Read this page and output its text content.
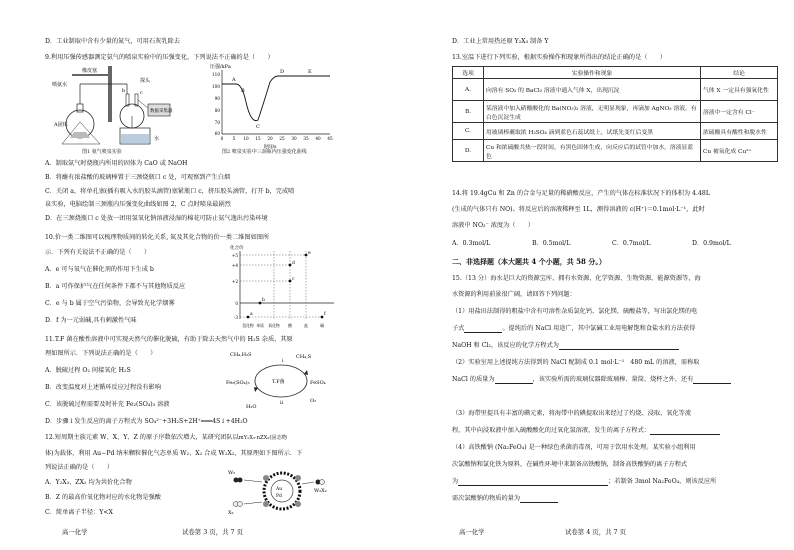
D．工业制取中含有少量的氮气，可用石灰乳除去
9.利用压强传感器测定氨气的喷泉实验中的压强变化，下列说法不正确的是（　　）
橡皮塞
探头
b	c
数据采集器
A固体
水
喷氨水
图1 氨气喷泉实验
压强/kPa
110
100
90
80
70
60
0 5 10 15 20 25 30 35 40 45
时间/s
A
B
C
D	E
图2 喷泉实验中三颈瓶内压强变化曲线
A．制取氨气时烧瓶内所用的固体为 CaO 或 NaOH
B．将蘸有浓盐酸的玻璃棒置于三颈烧瓶口 c 处，可观察到产生白烟
C．关闭 a，将单孔塞(插有吸入水的胶头滴管)塞紧瓶口 c，挤压胶头滴管，打开 b，完成喷
泉实验，电脑绘制三颈瓶内压强变化曲线如图 2，C 点时喷泉最剧烈
D．在三颈烧瓶口 c 处放一团用氢氧化钠溶液浸湿的棉花可防止氨气逸出污染环境
10.价一类二维图可以梳理物质间的转化关系, 氮及其化合物的价一类二维图如图所
示．下列有关说法不正确的是（　　）
A．e 可与氧气在催化剂的作用下生成 b
B．a 可作保护气在任何条件下都不与其他物质反应
C．e 与 b 属于空气污染物，会导致光化学烟雾
D．f 为一元弱碱,具有刺激性气味
化合价
+5
+4
+2
0
-3
e
d
c
b
a	f
氢化物 单质 氧化物 酸	盐	碱
11.T.F 菌在酸性溶液中可实现天然气的催化脱硫，有助于除去天然气中的 H₂S 杂质，其原
理如图所示．下列说法正确的是（　　）
A．脱硫过程 O₂ 间接氧化 H₂S
B．改变温度对上述循环反应过程没有影响
C．该脱硫过程需要及时补充 Fe₂(SO₄)₃ 溶液
D．步骤 i 发生反应的离子方程式为 SO₄²⁻+3H₂S+2H⁺═══4S↓+4H₂O
CH₄,H₂S
Fe₂(SO₄)₃	T.F菌
i
FeSO₄
ii
CH₄,S
O₂
H₂O
12.短周期主族元素 W、X、Y、Z 的原子序数依次增大，某研究团队以mY₂X₃·nZX₂(固态物
体)为载体，利用 Au−Pd 纳米颗粒催化气态单质 W₂、X₂ 合成 W₂X₂，其原理如下图所示．下
列说法正确的是（　　）
A．Y₂X₃、ZX₂ 均为共价化合物
B．Z 的最高价氧化物对应的水化物是强酸
C．简单离子半径：Y<X
W₂
X₂
W₂X₂
Au
Pd
高一化学	试卷第 3 页，共 7 页
D．工业上常用热还原 Y₂X₃ 制备 Y
13.室温下进行下列实验，根据实验操作和现象所得出的结论正确的是（　　）
选项	实验操作和现象	结论
A.	向溶有 SO₂ 的 BaCl₂ 溶液中通入气体 X，出现沉淀	气体 X 一定具有强氧化性
B.	某溶液中加入硝酸酸化的 Ba(NO₃)₂ 溶液，无明显现象，再滴加 AgNO₃ 溶液，有白色沉淀生成	溶液中一定含有 Cl⁻
C.	用玻璃棒蘸取浓 H₂SO₄ 滴到蓝色石蕊试纸上，试纸先变红后变黑	浓硫酸具有酸性和脱水性
D.	Cu 和浓硫酸共热一段时间，有黑色固体生成，向反应后的试管中加水，溶液显蓝色	Cu 被氧化成 Cu²⁺
14.将 19.4gCu 和 Zn 的合金与足量的稀硝酸反应，产生的气体在标准状况下的体积为 4.48L
(生成的气体只有 NO)。将反应后的溶液稀释至 1L，测得溶液的 c(H⁺)＝0.1mol·L⁻¹，此时
溶液中 NO₃⁻ 浓度为（　　）
A．0.3mol/L	B．0.5mol/L	C．0.7mol/L	D．0.9mol/L
二、非选择题（本大题共 4 个小题，共 58 分。）
15.（13 分）海水是巨大的资源宝库，拥有水资源、化学资源、生物资源、能源资源等，海
水资源的利用前景很广阔，请回答下列问题：
（1）用盐田法制得的粗盐中含有可溶性杂质氯化钙、氯化镁、硫酸盐等，写出氯化镁的电
子式	。提纯后的 NaCl 用途广，其中氯碱工业用电解饱和食盐水的方法获得
NaOH 和 Cl₂，该反应的化学方程式为
（2）实验室用上述提纯方法得到的 NaCl 配制成 0.1 mol·L⁻¹　480 mL 的溶液，需称取
NaCl 的质量为	，该实验所需的玻璃仪器除玻璃棒、量筒、烧杯之外，还有
（3）海带里提具有丰富的碘元素，将海带中的碘提取出来经过了灼烧、浸取、氧化等流
程，其中向浸取液中加入硫酸酸化的过氧化氢溶液，发生的离子方程式：
（4）高铁酸钠 (Na₂FeO₄) 是一种绿色杀菌消毒剂，可用于饮用水处理。某实验小组利用
次氯酸钠和氯化铁为原料，在碱性环境中来制备高铁酸钠，制备高铁酸钠的离子方程式
为	；若制备 3mol Na₂FeO₄，则该反应所
需次氯酸钠的物质的量为
高一化学	试卷第 4 页，共 7 页
